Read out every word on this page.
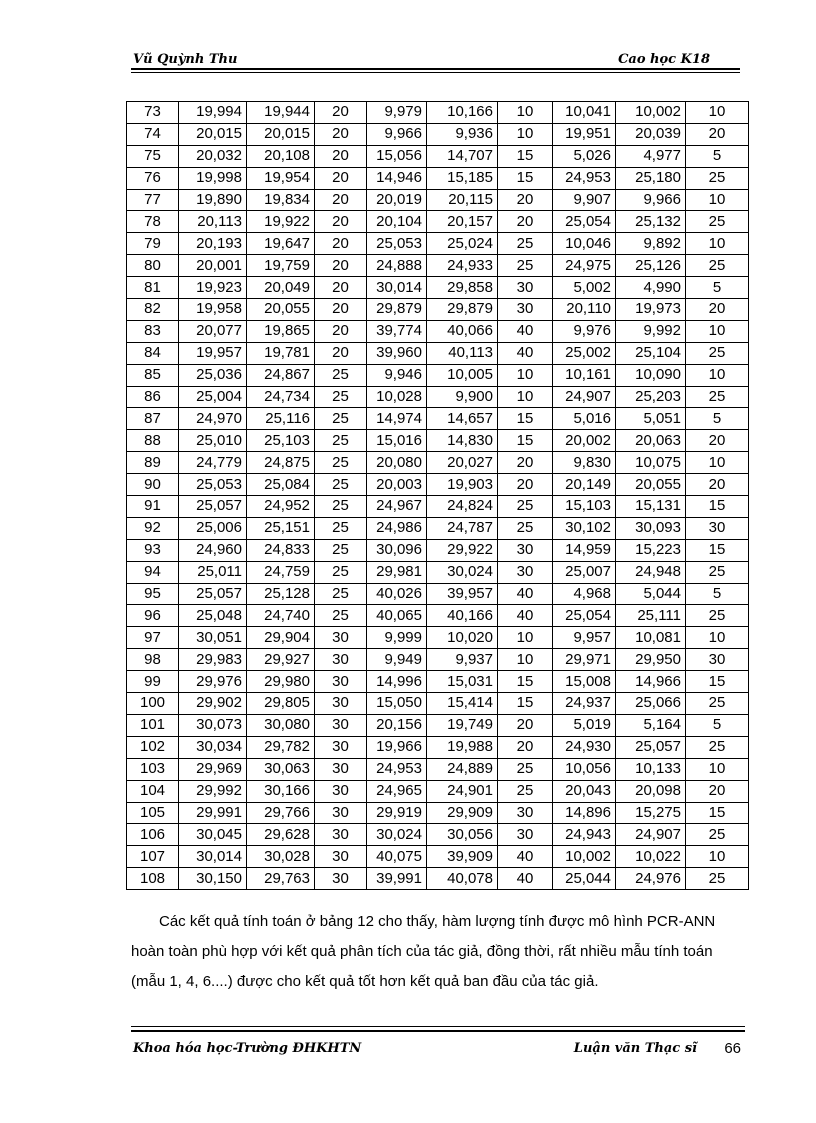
Vũ Quỳnh Thu	Cao học K18
73	19,994	19,944	20	9,979	10,166	10	10,041	10,002	10
74	20,015	20,015	20	9,966	9,936	10	19,951	20,039	20
75	20,032	20,108	20	15,056	14,707	15	5,026	4,977	5
76	19,998	19,954	20	14,946	15,185	15	24,953	25,180	25
77	19,890	19,834	20	20,019	20,115	20	9,907	9,966	10
78	20,113	19,922	20	20,104	20,157	20	25,054	25,132	25
79	20,193	19,647	20	25,053	25,024	25	10,046	9,892	10
80	20,001	19,759	20	24,888	24,933	25	24,975	25,126	25
81	19,923	20,049	20	30,014	29,858	30	5,002	4,990	5
82	19,958	20,055	20	29,879	29,879	30	20,110	19,973	20
83	20,077	19,865	20	39,774	40,066	40	9,976	9,992	10
84	19,957	19,781	20	39,960	40,113	40	25,002	25,104	25
85	25,036	24,867	25	9,946	10,005	10	10,161	10,090	10
86	25,004	24,734	25	10,028	9,900	10	24,907	25,203	25
87	24,970	25,116	25	14,974	14,657	15	5,016	5,051	5
88	25,010	25,103	25	15,016	14,830	15	20,002	20,063	20
89	24,779	24,875	25	20,080	20,027	20	9,830	10,075	10
90	25,053	25,084	25	20,003	19,903	20	20,149	20,055	20
91	25,057	24,952	25	24,967	24,824	25	15,103	15,131	15
92	25,006	25,151	25	24,986	24,787	25	30,102	30,093	30
93	24,960	24,833	25	30,096	29,922	30	14,959	15,223	15
94	25,011	24,759	25	29,981	30,024	30	25,007	24,948	25
95	25,057	25,128	25	40,026	39,957	40	4,968	5,044	5
96	25,048	24,740	25	40,065	40,166	40	25,054	25,111	25
97	30,051	29,904	30	9,999	10,020	10	9,957	10,081	10
98	29,983	29,927	30	9,949	9,937	10	29,971	29,950	30
99	29,976	29,980	30	14,996	15,031	15	15,008	14,966	15
100	29,902	29,805	30	15,050	15,414	15	24,937	25,066	25
101	30,073	30,080	30	20,156	19,749	20	5,019	5,164	5
102	30,034	29,782	30	19,966	19,988	20	24,930	25,057	25
103	29,969	30,063	30	24,953	24,889	25	10,056	10,133	10
104	29,992	30,166	30	24,965	24,901	25	20,043	20,098	20
105	29,991	29,766	30	29,919	29,909	30	14,896	15,275	15
106	30,045	29,628	30	30,024	30,056	30	24,943	24,907	25
107	30,014	30,028	30	40,075	39,909	40	10,002	10,022	10
108	30,150	29,763	30	39,991	40,078	40	25,044	24,976	25
Các kết quả tính toán ở bảng 12 cho thấy, hàm lượng tính được mô hình PCR-ANN
hoàn toàn phù hợp với kết quả phân tích của tác giả, đồng thời, rất nhiều mẫu tính toán
(mẫu 1, 4, 6....) được cho kết quả tốt hơn kết quả ban đầu của tác giả.
Khoa hóa học-Trường ĐHKHTN	Luận văn Thạc sĩ 66
